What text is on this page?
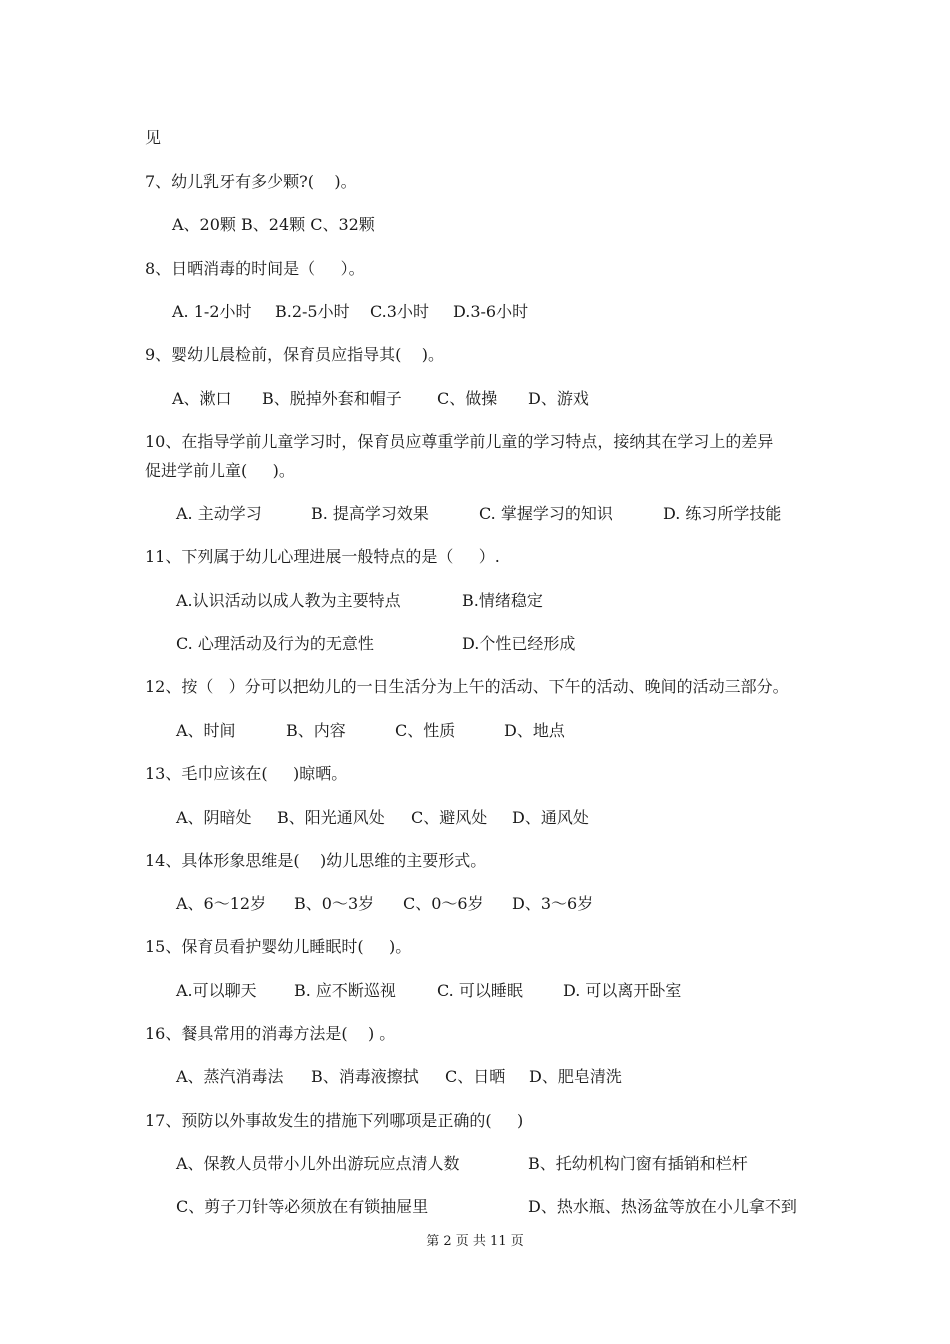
见
7、幼儿乳牙有多少颗?(    )。
A、20颗 B、24颗 C、32颗
8、日晒消毒的时间是（     ）。
A. 1-2小时 B.2-5小时 C.3小时 D.3-6小时
9、婴幼儿晨检前，保育员应指导其(    )。
A、漱口 B、脱掉外套和帽子 C、做操 D、游戏
10、在指导学前儿童学习时，保育员应尊重学前儿童的学习特点，接纳其在学习上的差异
促进学前儿童(     )。
A. 主动学习	B. 提高学习效果	C. 掌握学习的知识	D. 练习所学技能
11、下列属于幼儿心理进展一般特点的是（     ）.
A.认识活动以成人教为主要特点	B.情绪稳定
C. 心理活动及行为的无意性	D.个性已经形成
12、按（   ）分可以把幼儿的一日生活分为上午的活动、下午的活动、晚间的活动三部分。
A、时间	B、内容	C、性质	D、地点
13、毛巾应该在(     )晾晒。
A、阴暗处 B、阳光通风处 C、避风处 D、通风处
14、具体形象思维是(    )幼儿思维的主要形式。
A、6～12岁 B、0～3岁 C、0～6岁 D、3～6岁
15、保育员看护婴幼儿睡眠时(     )。
A.可以聊天 B. 应不断巡视	C. 可以睡眠	D. 可以离开卧室
16、餐具常用的消毒方法是(    ) 。
A、蒸汽消毒法 B、消毒液擦拭 C、日晒 D、肥皂清洗
17、预防以外事故发生的措施下列哪项是正确的(     )
A、保教人员带小儿外出游玩应点清人数	B、托幼机构门窗有插销和栏杆
C、剪子刀针等必须放在有锁抽屉里	D、热水瓶、热汤盆等放在小儿拿不到
第 2 页 共 11 页
